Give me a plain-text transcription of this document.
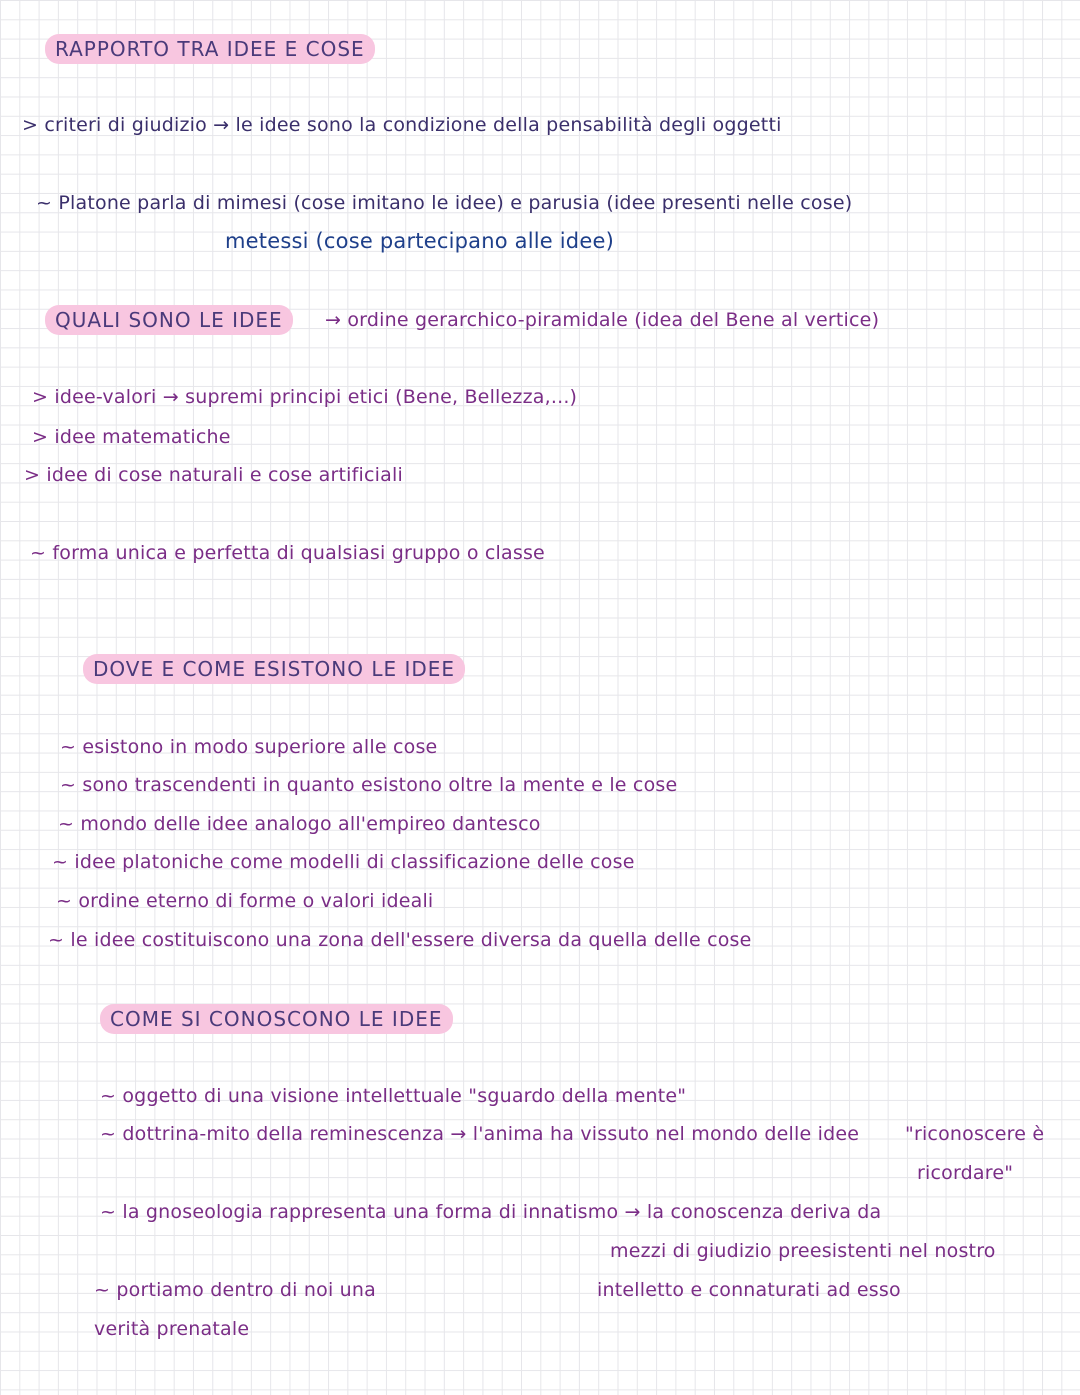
RAPPORTO TRA IDEE E COSE
> criteri di giudizio → le idee sono la condizione della pensabilità degli oggetti
~ Platone parla di mimesi (cose imitano le idee) e parusia (idee presenti nelle cose)
metessi (cose partecipano alle idee)
QUALI SONO LE IDEE	→ ordine gerarchico-piramidale (idea del Bene al vertice)
> idee-valori → supremi principi etici (Bene, Bellezza,...)
> idee matematiche
> idee di cose naturali e cose artificiali
~ forma unica e perfetta di qualsiasi gruppo o classe
DOVE E COME ESISTONO LE IDEE
~ esistono in modo superiore alle cose
~ sono trascendenti in quanto esistono oltre la mente e le cose
~ mondo delle idee analogo all'empireo dantesco
~ idee platoniche come modelli di classificazione delle cose
~ ordine eterno di forme o valori ideali
~ le idee costituiscono una zona dell'essere diversa da quella delle cose
COME SI CONOSCONO LE IDEE
~ oggetto di una visione intellettuale "sguardo della mente"
~ dottrina-mito della reminescenza → l'anima ha vissuto nel mondo delle idee "riconoscere è
ricordare"
~ la gnoseologia rappresenta una forma di innatismo → la conoscenza deriva da
mezzi di giudizio preesistenti nel nostro
intelletto e connaturati ad esso
~ portiamo dentro di noi una
verità prenatale
